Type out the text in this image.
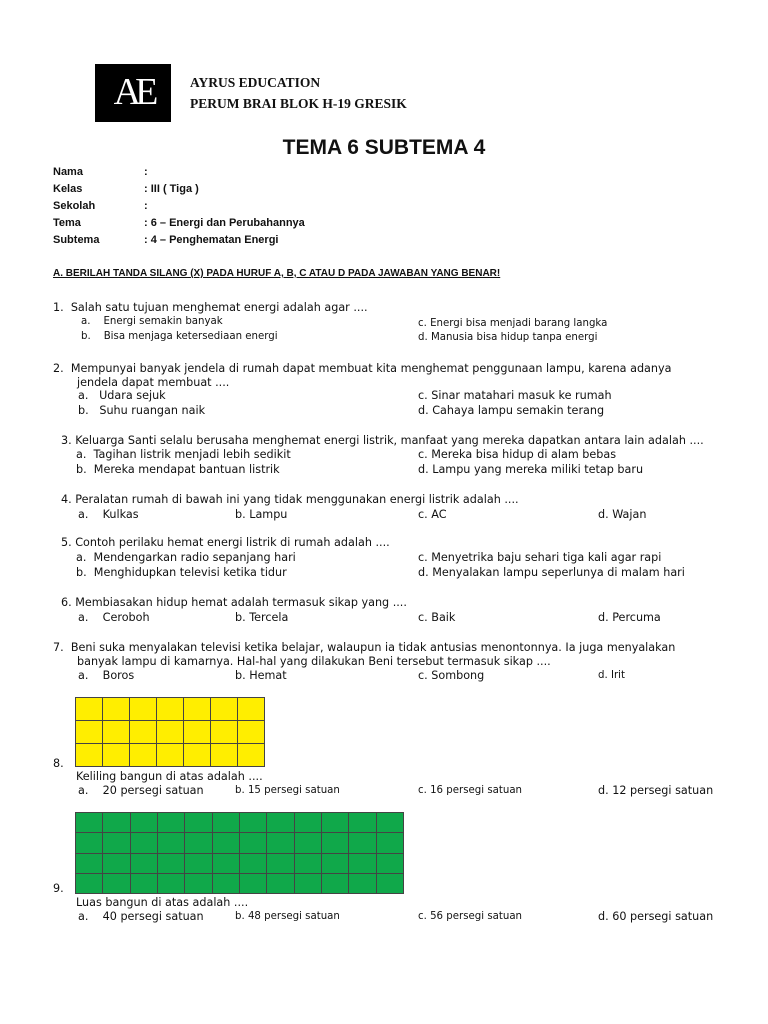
AE	AYRUS EDUCATION
PERUM BRAI BLOK H-19 GRESIK
TEMA 6 SUBTEMA 4
Nama	:
Kelas	: III ( Tiga )
Sekolah	:
Tema	: 6 – Energi dan Perubahannya
Subtema	: 4 – Penghematan Energi
A. BERILAH TANDA SILANG (X) PADA HURUF A, B, C ATAU D PADA JAWABAN YANG BENAR!
1. Salah satu tujuan menghemat energi adalah agar ....
a. Energi semakin banyak
b. Bisa menjaga ketersediaan energi
c. Energi bisa menjadi barang langka
d. Manusia bisa hidup tanpa energi
2. Mempunyai banyak jendela di rumah dapat membuat kita menghemat penggunaan lampu, karena adanya
jendela dapat membuat ....
a. Udara sejuk
b. Suhu ruangan naik
c. Sinar matahari masuk ke rumah
d. Cahaya lampu semakin terang
3. Keluarga Santi selalu berusaha menghemat energi listrik, manfaat yang mereka dapatkan antara lain adalah ....
a. Tagihan listrik menjadi lebih sedikit
b. Mereka mendapat bantuan listrik
c. Mereka bisa hidup di alam bebas
d. Lampu yang mereka miliki tetap baru
4. Peralatan rumah di bawah ini yang tidak menggunakan energi listrik adalah ....
a. Kulkas	b. Lampu	c. AC	d. Wajan
5. Contoh perilaku hemat energi listrik di rumah adalah ....
a. Mendengarkan radio sepanjang hari
b. Menghidupkan televisi ketika tidur
c. Menyetrika baju sehari tiga kali agar rapi
d. Menyalakan lampu seperlunya di malam hari
6. Membiasakan hidup hemat adalah termasuk sikap yang ....
a. Ceroboh	b. Tercela	c. Baik	d. Percuma
7. Beni suka menyalakan televisi ketika belajar, walaupun ia tidak antusias menontonnya. Ia juga menyalakan
banyak lampu di kamarnya. Hal-hal yang dilakukan Beni tersebut termasuk sikap ....
a. Boros	b. Hemat	c. Sombong	d. Irit
8.
Keliling bangun di atas adalah ....
a. 20 persegi satuan	b. 15 persegi satuan	c. 16 persegi satuan	d. 12 persegi satuan
9.
Luas bangun di atas adalah ....
a. 40 persegi satuan	b. 48 persegi satuan	c. 56 persegi satuan	d. 60 persegi satuan
